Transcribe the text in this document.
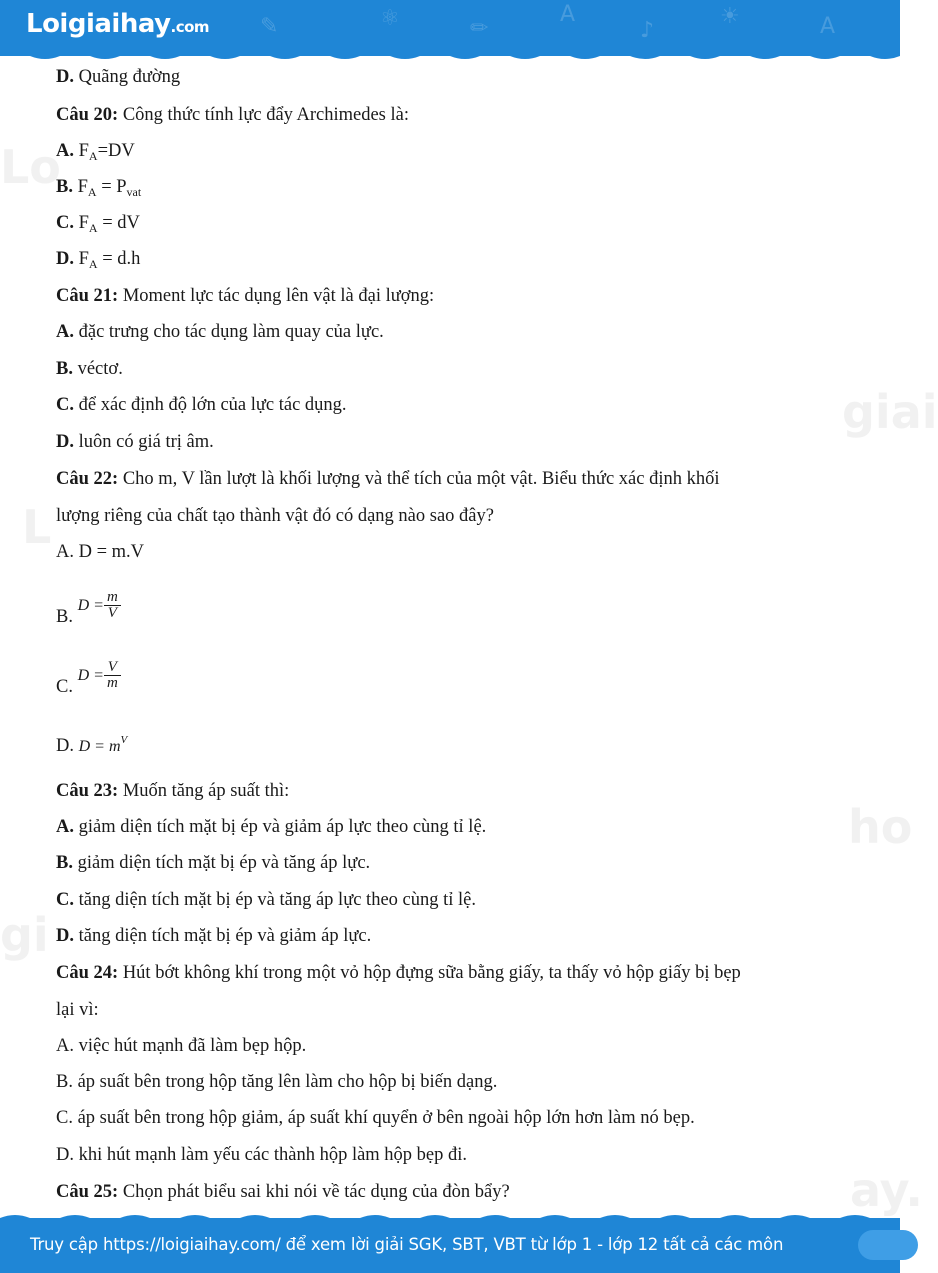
✎	⚛	✏
A
♪
☀	A
Loigiaihay.com
Lo
giai
L
ho
gi
ay.
D. Quãng đường
Câu 20: Công thức tính lực đẩy Archimedes là:
A. $F_A=DV$
B. $F_A = P_{vat}$
C. $F_A$ = dV
D. $F_A = d.h$
Câu 21: Moment lực tác dụng lên vật là đại lượng:
A. đặc trưng cho tác dụng làm quay của lực.
B. véctơ.
C. để xác định độ lớn của lực tác dụng.
D. luôn có giá trị âm.
Câu 22: Cho m, V lần lượt là khối lượng và thể tích của một vật. Biểu thức xác định khối
lượng riêng của chất tạo thành vật đó có dạng nào sao đây?
A. D = m.V
B. $D = \frac{m}{V}$
C. $D = \frac{V}{m}$
D. $D = m^V$
Câu 23: Muốn tăng áp suất thì:
A. giảm diện tích mặt bị ép và giảm áp lực theo cùng tỉ lệ.
B. giảm diện tích mặt bị ép và tăng áp lực.
C. tăng diện tích mặt bị ép và tăng áp lực theo cùng tỉ lệ.
D. tăng diện tích mặt bị ép và giảm áp lực.
Câu 24: Hút bớt không khí trong một vỏ hộp đựng sữa bằng giấy, ta thấy vỏ hộp giấy bị bẹp
lại vì:
A. việc hút mạnh đã làm bẹp hộp.
B. áp suất bên trong hộp tăng lên làm cho hộp bị biến dạng.
C. áp suất bên trong hộp giảm, áp suất khí quyển ở bên ngoài hộp lớn hơn làm nó bẹp.
D. khi hút mạnh làm yếu các thành hộp làm hộp bẹp đi.
Câu 25: Chọn phát biểu sai khi nói về tác dụng của đòn bẩy?
Truy cập https://loigiaihay.com/ để xem lời giải SGK, SBT, VBT từ lớp 1 - lớp 12 tất cả các môn
